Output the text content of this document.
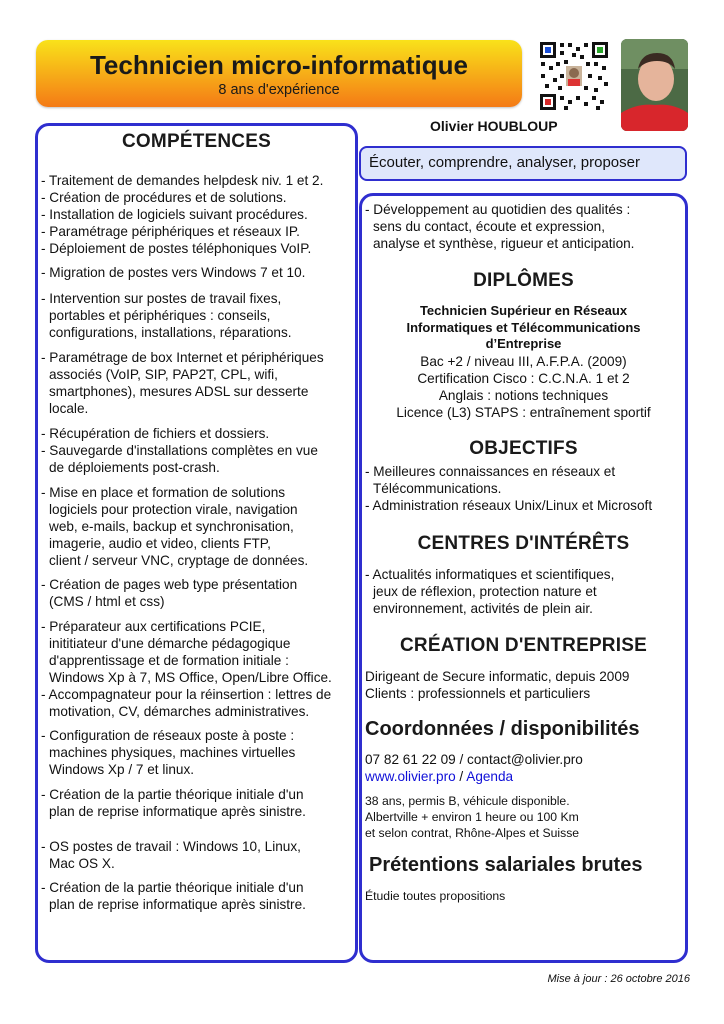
Technicien micro-informatique
8 ans d'expérience
Olivier HOUBLOUP
COMPÉTENCES
- Traitement de demandes helpdesk niv. 1 et 2.
- Création de procédures et de solutions.
- Installation de logiciels suivant procédures.
- Paramétrage périphériques et réseaux IP.
- Déploiement de postes téléphoniques VoIP.
- Migration de postes vers Windows 7 et 10.
- Intervention sur postes de travail fixes,
portables et périphériques : conseils,
configurations, installations, réparations.
- Paramétrage de box Internet et périphériques
associés (VoIP, SIP, PAP2T, CPL, wifi,
smartphones), mesures ADSL sur desserte
locale.
- Récupération de fichiers et dossiers.
- Sauvegarde d'installations complètes en vue
de déploiements post-crash.
- Mise en place et formation de solutions
logiciels pour protection virale, navigation
web, e-mails, backup et synchronisation,
imagerie, audio et video, clients FTP,
client / serveur VNC, cryptage de données.
- Création de pages web type présentation
(CMS / html et css)
- Préparateur aux certifications PCIE,
inititiateur d'une démarche pédagogique
d'apprentissage et de formation initiale :
Windows Xp à 7, MS Office, Open/Libre Office.
- Accompagnateur pour la réinsertion : lettres de
motivation, CV, démarches administratives.
- Configuration de réseaux poste à poste :
machines physiques, machines virtuelles
Windows Xp / 7 et linux.
- Création de la partie théorique initiale d'un
plan de reprise informatique après sinistre.
- OS postes de travail : Windows 10, Linux,
Mac OS X.
- Création de la partie théorique initiale d'un
plan de reprise informatique après sinistre.
Écouter, comprendre, analyser, proposer
- Développement au quotidien des qualités :
sens du contact, écoute et expression,
analyse et synthèse, rigueur et anticipation.
DIPLÔMES
Technicien Supérieur en Réseaux
Informatiques et Télécommunications
d’Entreprise
Bac +2 / niveau III, A.F.P.A. (2009)
Certification Cisco : C.C.N.A. 1 et 2
Anglais : notions techniques
Licence (L3) STAPS : entraînement sportif
OBJECTIFS
- Meilleures connaissances en réseaux et
Télécommunications.
- Administration réseaux Unix/Linux et Microsoft
CENTRES D'INTÉRÊTS
- Actualités informatiques et scientifiques,
jeux de réflexion, protection nature et
environnement, activités de plein air.
CRÉATION D'ENTREPRISE
Dirigeant de Secure informatic, depuis 2009
Clients : professionnels et particuliers
Coordonnées / disponibilités
07 82 61 22 09 / contact@olivier.pro
www.olivier.pro / Agenda
38 ans, permis B, véhicule disponible.
Albertville + environ 1 heure ou 100 Km
et selon contrat, Rhône-Alpes et Suisse
Prétentions salariales brutes
Étudie toutes propositions
Mise à jour : 26 octobre 2016
